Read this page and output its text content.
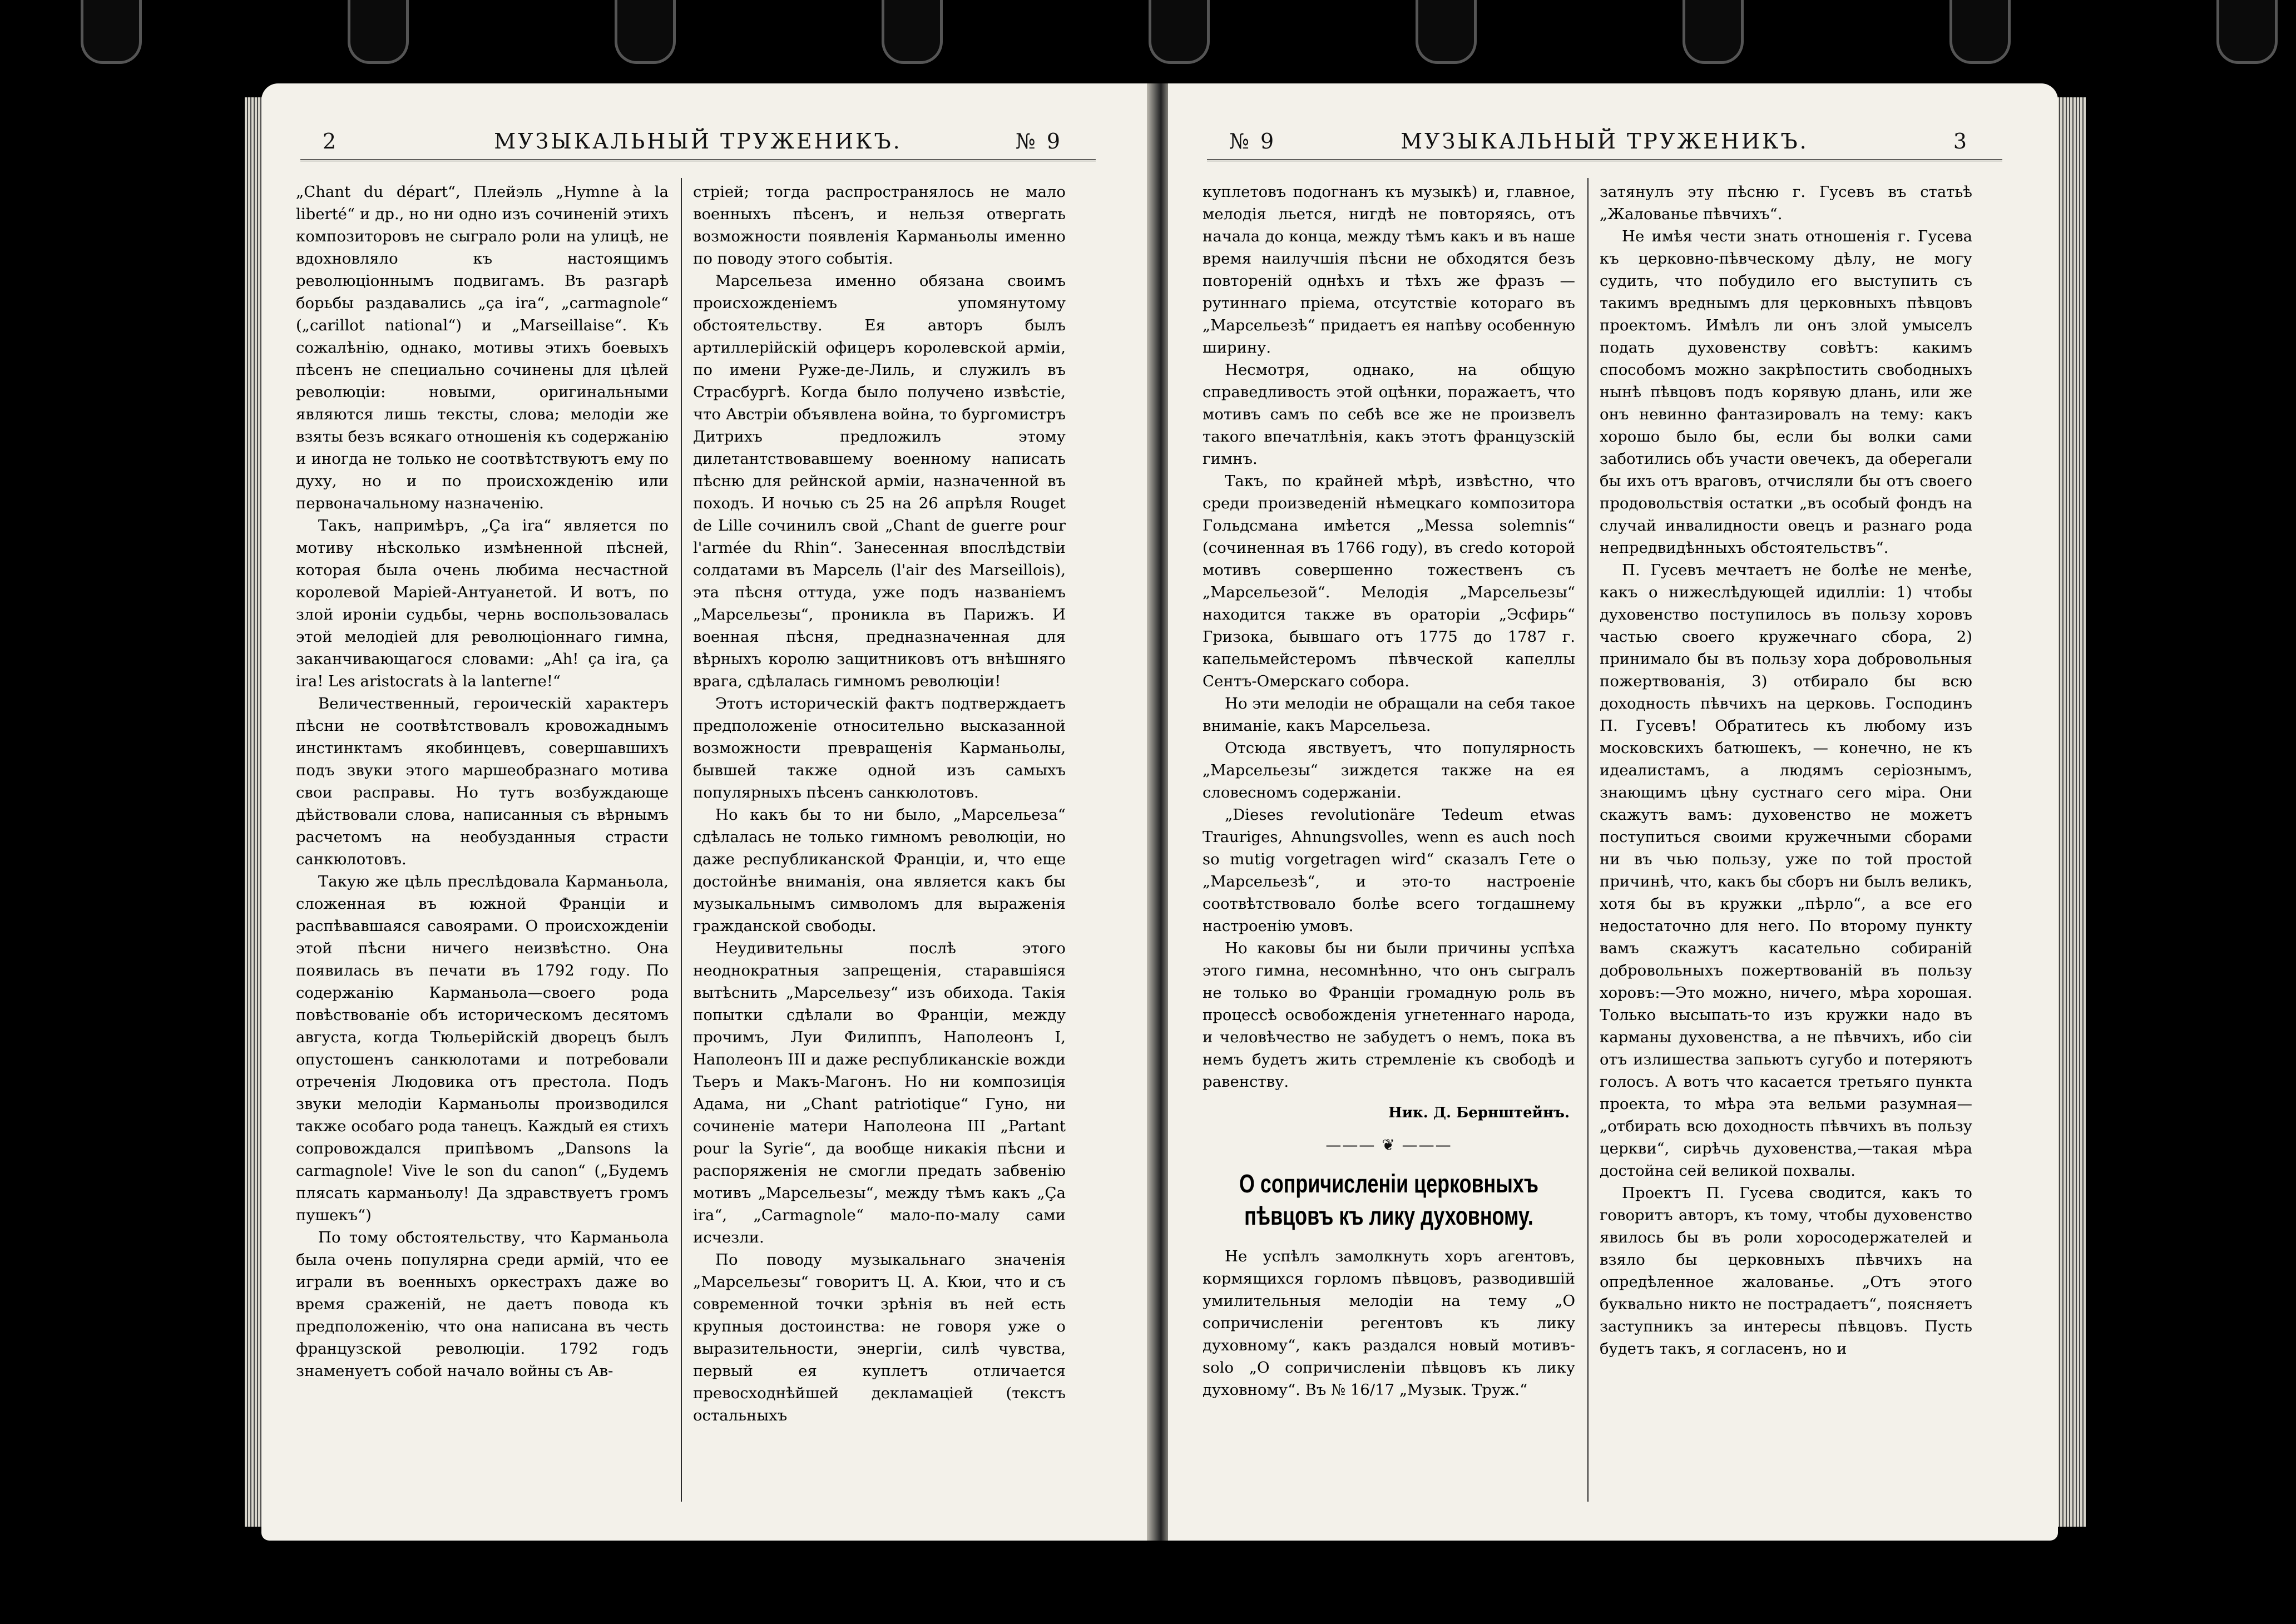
2	МУЗЫКАЛЬНЫЙ ТРУЖЕНИКЪ.	№ 9

„Chant du départ“, Плейэль „Hymne à la liberté“ и др., но ни одно изъ сочиненій этихъ композиторовъ не сыграло роли на улицѣ, не вдохновляло къ настоящимъ революціоннымъ подвигамъ. Въ разгарѣ борьбы раздавались „ça ira“, „carmagnole“ („carillot national“) и „Marseillaise“. Къ сожалѣнію, однако, мотивы этихъ боевыхъ пѣсенъ не специально сочинены для цѣлей революціи: новыми, оригинальными являются лишь тексты, слова; мелодіи же взяты безъ всякаго отношенія къ содержанію и иногда не только не соотвѣтствуютъ ему по духу, но и по происхожденію или первоначальному назначенію.

Такъ, напримѣръ, „Ça ira“ является по мотиву нѣсколько измѣненной пѣсней, которая была очень любима несчастной королевой Маріей-Антуанетой. И вотъ, по злой ироніи судьбы, чернь воспользовалась этой мелодіей для революціоннаго гимна, заканчивающагося словами: „Ah! ça ira, ça ira! Les aristocrats à la lanterne!“

Величественный, героическій характеръ пѣсни не соотвѣтствовалъ кровожаднымъ инстинктамъ якобинцевъ, совершавшихъ подъ звуки этого маршеобразнаго мотива свои расправы. Но тутъ возбуждающе дѣйствовали слова, написанныя съ вѣрнымъ расчетомъ на необузданныя страсти санкюлотовъ.

Такую же цѣль преслѣдовала Карманьола, сложенная въ южной Франціи и распѣвавшаяся савоярами. О происхожденіи этой пѣсни ничего неизвѣстно. Она появилась въ печати въ 1792 году. По содержанію Карманьола—своего рода повѣствованіе объ историческомъ десятомъ августа, когда Тюльерійскій дворецъ былъ опустошенъ санкюлотами и потребовали отреченія Людовика отъ престола. Подъ звуки мелодіи Карманьолы производился также особаго рода танецъ. Каждый ея стихъ сопровождался припѣвомъ „Dansons la carmagnole! Vive le son du canon“ („Будемъ плясать карманьолу! Да здравствуетъ громъ пушекъ“)

По тому обстоятельству, что Карманьола была очень популярна среди армій, что ее играли въ военныхъ оркестрахъ даже во время сраженій, не даетъ повода къ предположенію, что она написана въ честь французской революціи. 1792 годъ знаменуетъ собой начало войны съ Ав-

стріей; тогда распространялось не мало военныхъ пѣсенъ, и нельзя отвергать возможности появленія Карманьолы именно по поводу этого событія.

Марсельеза именно обязана своимъ происхожденіемъ упомянутому обстоятельству. Ея авторъ былъ артиллерійскій офицеръ королевской арміи, по имени Руже-де-Лиль, и служилъ въ Страсбургѣ. Когда было получено извѣстіе, что Австріи объявлена война, то бургомистръ Дитрихъ предложилъ этому дилетантствовавшему военному написать пѣсню для рейнской арміи, назначенной въ походъ. И ночью съ 25 на 26 апрѣля Rouget de Lille сочинилъ свой „Chant de guerre pour l'armée du Rhin“. Занесенная впослѣдствіи солдатами въ Марсель (l'air des Marseillois), эта пѣсня оттуда, уже подъ названіемъ „Марсельезы“, проникла въ Парижъ. И военная пѣсня, предназначенная для вѣрныхъ королю защитниковъ отъ внѣшняго врага, сдѣлалась гимномъ революціи!

Этотъ историческій фактъ подтверждаетъ предположеніе относительно высказанной возможности превращенія Карманьолы, бывшей также одной изъ самыхъ популярныхъ пѣсенъ санкюлотовъ.

Но какъ бы то ни было, „Марсельеза“ сдѣлалась не только гимномъ революціи, но даже республиканской Франціи, и, что еще достойнѣе вниманія, она является какъ бы музыкальнымъ символомъ для выраженія гражданской свободы.

Неудивительны послѣ этого неоднократныя запрещенія, старавшіяся вытѣснить „Марсельезу“ изъ обихода. Такія попытки сдѣлали во Франціи, между прочимъ, Луи Филиппъ, Наполеонъ I, Наполеонъ III и даже республиканскіе вожди Тьеръ и Макъ-Магонъ. Но ни композиція Адама, ни „Chant patriotique“ Гуно, ни сочиненіе матери Наполеона III „Partant pour la Syrie“, да вообще никакія пѣсни и распоряженія не смогли предать забвенію мотивъ „Марсельезы“, между тѣмъ какъ „Ça ira“, „Carmagnole“ мало-по-малу сами исчезли.

По поводу музыкальнаго значенія „Марсельезы“ говоритъ Ц. А. Кюи, что и съ современной точки зрѣнія въ ней есть крупныя достоинства: не говоря уже о выразительности, энергіи, силѣ чувства, первый ея куплетъ отличается превосходнѣйшей декламаціей (текстъ остальныхъ

№ 9	МУЗЫКАЛЬНЫЙ ТРУЖЕНИКЪ.	3

куплетовъ подогнанъ къ музыкѣ) и, главное, мелодія льется, нигдѣ не повторяясь, отъ начала до конца, между тѣмъ какъ и въ наше время наилучшія пѣсни не обходятся безъ повтореній однѣхъ и тѣхъ же фразъ — рутиннаго пріема, отсутствіе котораго въ „Марсельезѣ“ придаетъ ея напѣву особенную ширину.

Несмотря, однако, на общую справедливость этой оцѣнки, поражаетъ, что мотивъ самъ по себѣ все же не произвелъ такого впечатлѣнія, какъ этотъ французскій гимнъ.

Такъ, по крайней мѣрѣ, извѣстно, что среди произведеній нѣмецкаго композитора Гольдсмана имѣется „Messa solemnis“ (сочиненная въ 1766 году), въ credo которой мотивъ совершенно тожественъ съ „Марсельезой“. Мелодія „Марсельезы“ находится также въ ораторіи „Эсфирь“ Гризока, бывшаго отъ 1775 до 1787 г. капельмейстеромъ пѣвческой капеллы Сентъ-Омерскаго собора.

Но эти мелодіи не обращали на себя такое вниманіе, какъ Марсельеза.

Отсюда явствуетъ, что популярность „Марсельезы“ зиждется также на ея словесномъ содержаніи.

„Dieses revolutionäre Tedeum etwas Trauriges, Ahnungsvolles, wenn es auch noch so mutig vorgetragen wird“ сказалъ Гете о „Марсельезѣ“, и это-то настроеніе соотвѣтствовало болѣе всего тогдашнему настроенію умовъ.

Но каковы бы ни были причины успѣха этого гимна, несомнѣнно, что онъ сыгралъ не только во Франціи громадную роль въ процессѣ освобожденія угнетеннаго народа, и человѣчество не забудетъ о немъ, пока въ немъ будетъ жить стремленіе къ свободѣ и равенству.

Ник. Д. Бернштейнъ.
——— ❦ ———
О сопричисленіи церковныхъ пѣвцовъ къ лику духовному.

Не успѣлъ замолкнуть хоръ агентовъ, кормящихся горломъ пѣвцовъ, разводившій умилительныя мелодіи на тему „О сопричисленіи регентовъ къ лику духовному“, какъ раздался новый мотивъ-solo „О сопричисленіи пѣвцовъ къ лику духовному“. Въ № 16/17 „Музык. Труж.“

затянулъ эту пѣсню г. Гусевъ въ статьѣ „Жалованье пѣвчихъ“.

Не имѣя чести знать отношенія г. Гусева къ церковно-пѣвческому дѣлу, не могу судить, что побудило его выступить съ такимъ вреднымъ для церковныхъ пѣвцовъ проектомъ. Имѣлъ ли онъ злой умыселъ подать духовенству совѣтъ: какимъ способомъ можно закрѣпостить свободныхъ нынѣ пѣвцовъ подъ корявую длань, или же онъ невинно фантазировалъ на тему: какъ хорошо было бы, если бы волки сами заботились объ участи овечекъ, да оберегали бы ихъ отъ враговъ, отчисляли бы отъ своего продовольствія остатки „въ особый фондъ на случай инвалидности овецъ и разнаго рода непредвидѣнныхъ обстоятельствъ“.

П. Гусевъ мечтаетъ не болѣе не менѣе, какъ о нижеслѣдующей идилліи: 1) чтобы духовенство поступилось въ пользу хоровъ частью своего кружечнаго сбора, 2) принимало бы въ пользу хора добровольныя пожертвованія, 3) отбирало бы всю доходность пѣвчихъ на церковь. Господинъ П. Гусевъ! Обратитесь къ любому изъ московскихъ батюшекъ, — конечно, не къ идеалистамъ, а людямъ серіознымъ, знающимъ цѣну сустнаго сего міра. Они скажутъ вамъ: духовенство не можетъ поступиться своими кружечными сборами ни въ чью пользу, уже по той простой причинѣ, что, какъ бы сборъ ни былъ великъ, хотя бы въ кружки „пѣрло“, а все его недостаточно для него. По второму пункту вамъ скажутъ касательно собираній добровольныхъ пожертвованій въ пользу хоровъ:—Это можно, ничего, мѣра хорошая. Только высыпать-то изъ кружки надо въ карманы духовенства, а не пѣвчихъ, ибо сіи отъ излишества запьютъ сугубо и потеряютъ голосъ. А вотъ что касается третьяго пункта проекта, то мѣра эта вельми разумная—„отбирать всю доходность пѣвчихъ въ пользу церкви“, сирѣчь духовенства,—такая мѣра достойна сей великой похвалы.

Проектъ П. Гусева сводится, какъ то говоритъ авторъ, къ тому, чтобы духовенство явилось бы въ роли хоросодержателей и взяло бы церковныхъ пѣвчихъ на опредѣленное жалованье. „Отъ этого буквально никто не пострадаетъ“, поясняетъ заступникъ за интересы пѣвцовъ. Пусть будетъ такъ, я согласенъ, но и
